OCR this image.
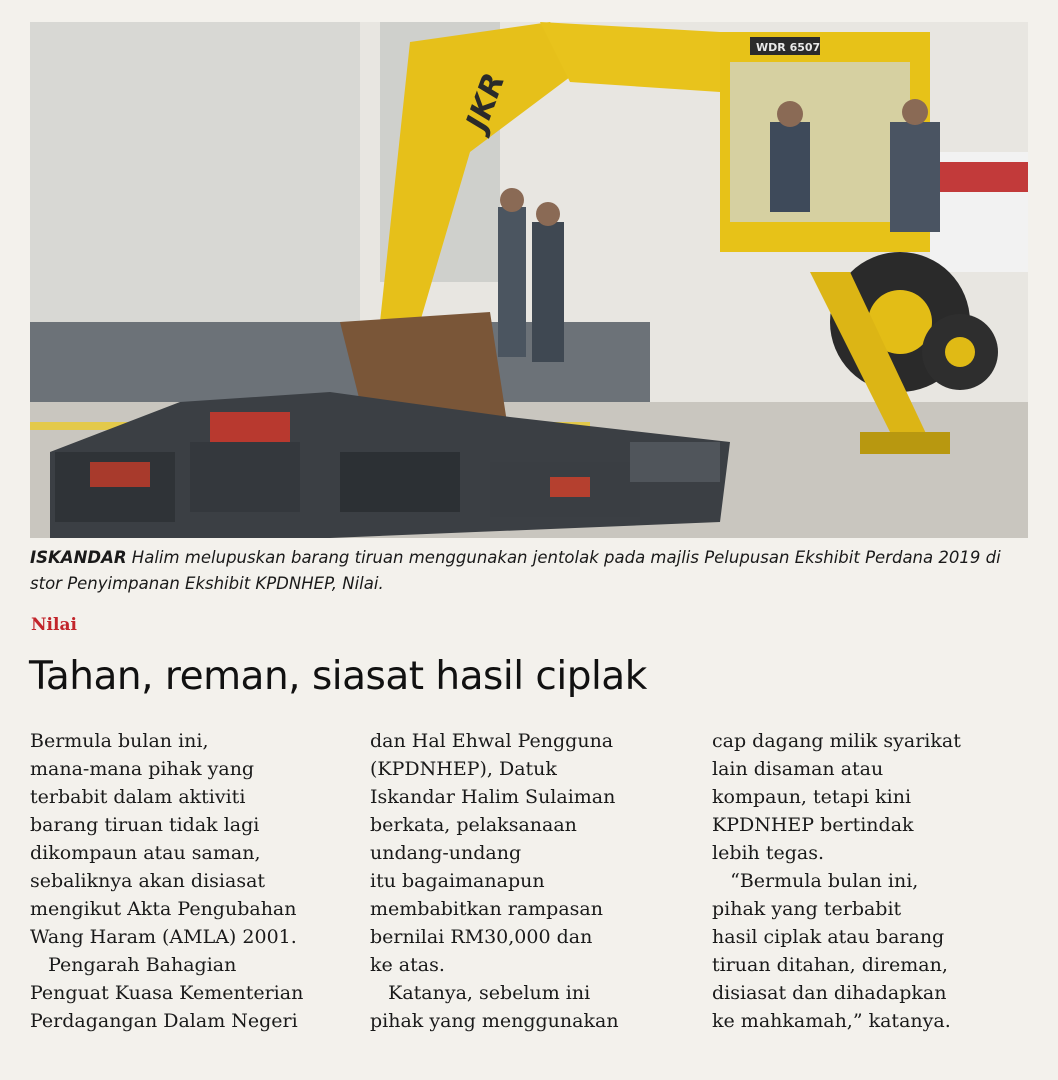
WDR 6507
JKR
ISKANDAR Halim melupuskan barang tiruan menggunakan jentolak pada majlis Pelupusan Ekshibit Perdana 2019 di stor Penyimpanan Ekshibit KPDNHEP, Nilai.
Nilai
Tahan, reman, siasat hasil ciplak
Bermula bulan ini,
mana-mana pihak yang
terbabit dalam aktiviti
barang tiruan tidak lagi
dikompaun atau saman,
sebaliknya akan disiasat
mengikut Akta Pengubahan
Wang Haram (AMLA) 2001.
Pengarah Bahagian
Penguat Kuasa Kementerian
Perdagangan Dalam Negeri
dan Hal Ehwal Pengguna
(KPDNHEP), Datuk
Iskandar Halim Sulaiman
berkata, pelaksanaan
undang-undang
itu bagaimanapun
membabitkan rampasan
bernilai RM30,000 dan
ke atas.
Katanya, sebelum ini
pihak yang menggunakan
cap dagang milik syarikat
lain disaman atau
kompaun, tetapi kini
KPDNHEP bertindak
lebih tegas.
“Bermula bulan ini,
pihak yang terbabit
hasil ciplak atau barang
tiruan ditahan, direman,
disiasat dan dihadapkan
ke mahkamah,” katanya.
